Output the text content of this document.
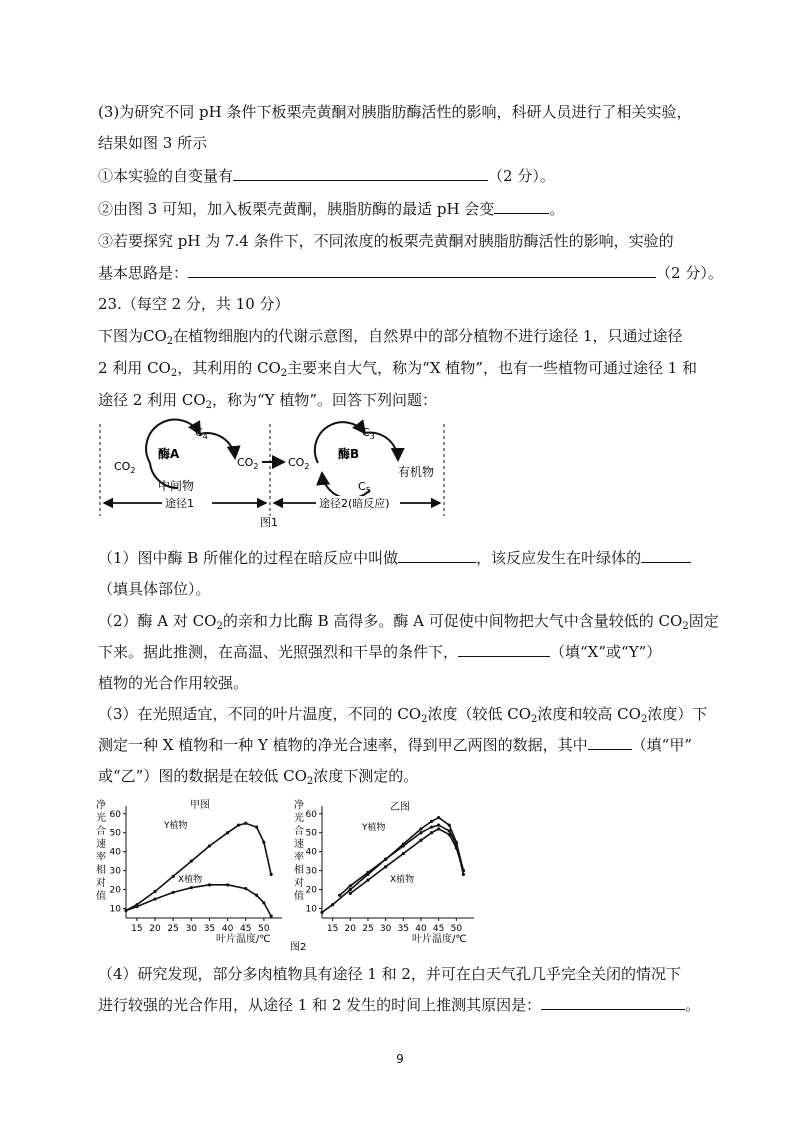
(3)为研究不同 pH 条件下板栗壳黄酮对胰脂肪酶活性的影响，科研人员进行了相关实验，
结果如图 3 所示
①本实验的自变量有	（2 分）。
②由图 3 可知，加入板栗壳黄酮，胰脂肪酶的最适 pH 会变	。
③若要探究 pH 为 7.4 条件下，不同浓度的板栗壳黄酮对胰脂肪酶活性的影响，实验的
基本思路是：	（2 分）。
23.（每空 2 分，共 10 分）
下图为$CO_2$在植物细胞内的代谢示意图，自然界中的部分植物不进行途径 1，只通过途径
2 利用 $CO_2$，其利用的 $CO_2$主要来自大气，称为“X 植物”，也有一些植物可通过途径 1 和
途径 2 利用 $CO_2$，称为“Y 植物”。回答下列问题：
$CO_2$
$C_4$
酶A
中间物
$CO_2$	$CO_2$
$C_3$
酶B
$C_5$
有机物
途径1	途径2(暗反应)
图1
（1）图中酶 B 所催化的过程在暗反应中叫做	，该反应发生在叶绿体的
（填具体部位）。
（2）酶 A 对 $CO_2$的亲和力比酶 B 高得多。酶 A 可促使中间物把大气中含量较低的 $CO_2$固定
下来。据此推测，在高温、光照强烈和干旱的条件下，	（填“X”或“Y”）
植物的光合作用较强。
（3）在光照适宜，不同的叶片温度，不同的 $CO_2$浓度（较低 $CO_2$浓度和较高 $CO_2$浓度）下
测定一种 X 植物和一种 Y 植物的净光合速率，得到甲乙两图的数据，其中	（填“甲”
或“乙”）图的数据是在较低 $CO_2$浓度下测定的。
净
光
合
速
率
相
对
值
10
20
30
40
50
60
15 20 25 30 35 40 45 50
甲图
Y植物
X植物
叶片温度/℃
净
光
合
速
率
相
对
值
10
20
30
40
50
60
15 20 25 30 35 40 45 50
乙图
Y植物
X植物
叶片温度/℃
图2
（4）研究发现，部分多肉植物具有途径 1 和 2，并可在白天气孔几乎完全关闭的情况下
进行较强的光合作用，从途径 1 和 2 发生的时间上推测其原因是：	。
9
